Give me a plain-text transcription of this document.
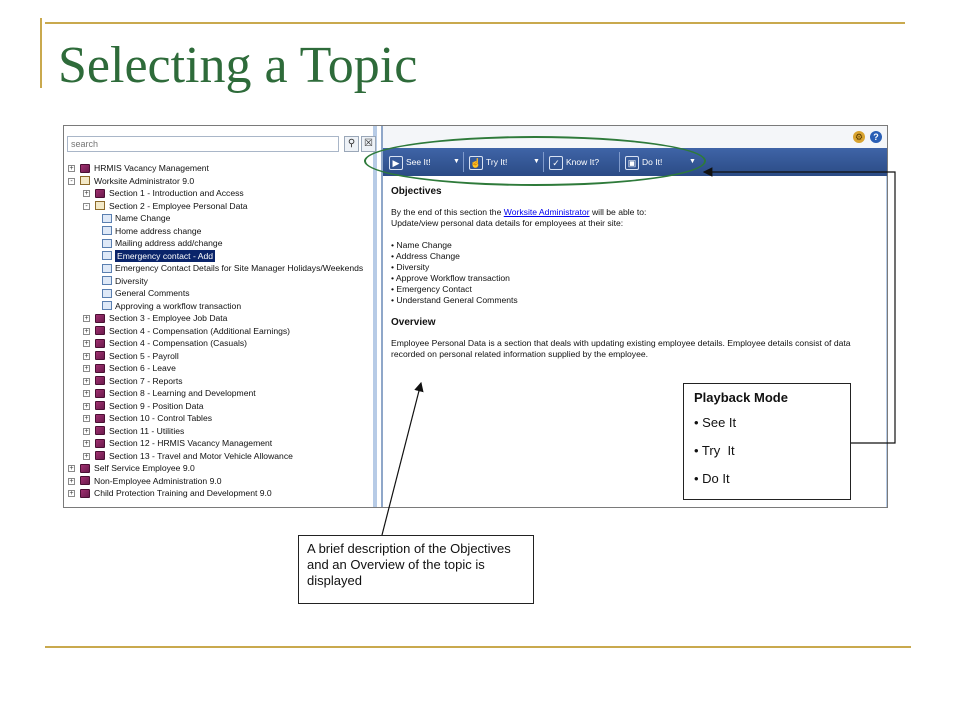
Selecting a Topic
search
⚲ ☒
+ HRMIS Vacancy Management
- Worksite Administrator 9.0
+ Section 1 - Introduction and Access
- Section 2 - Employee Personal Data
Name Change
Home address change
Mailing address add/change
Emergency contact - Add
Emergency Contact Details for Site Manager Holidays/Weekends
Diversity
General Comments
Approving a workflow transaction
+ Section 3 - Employee Job Data
+ Section 4 - Compensation (Additional Earnings)
+ Section 4 - Compensation (Casuals)
+ Section 5 - Payroll
+ Section 6 - Leave
+ Section 7 - Reports
+ Section 8 - Learning and Development
+ Section 9 - Position Data
+ Section 10 - Control Tables
+ Section 11 - Utilities
+ Section 12 - HRMIS Vacancy Management
+ Section 13 - Travel and Motor Vehicle Allowance
+ Self Service Employee 9.0
+ Non-Employee Administration 9.0
+ Child Protection Training and Development 9.0
⚙	?
▶ See It!	▼ ☝ Try It!	▼	✓ Know It?	▣ Do It!	▼
Objectives
By the end of this section the Worksite Administrator will be able to:
Update/view personal data details for employees at their site:
• Name Change
• Address Change
• Diversity
• Approve Workflow transaction
• Emergency Contact
• Understand General Comments
Overview
Employee Personal Data is a section that deals with updating existing employee details. Employee details consist of data recorded on personal related information supplied by the employee.
Playback Mode
• See It
• Try  It
• Do It
A brief description of the Objectives and an Overview of the topic is displayed
